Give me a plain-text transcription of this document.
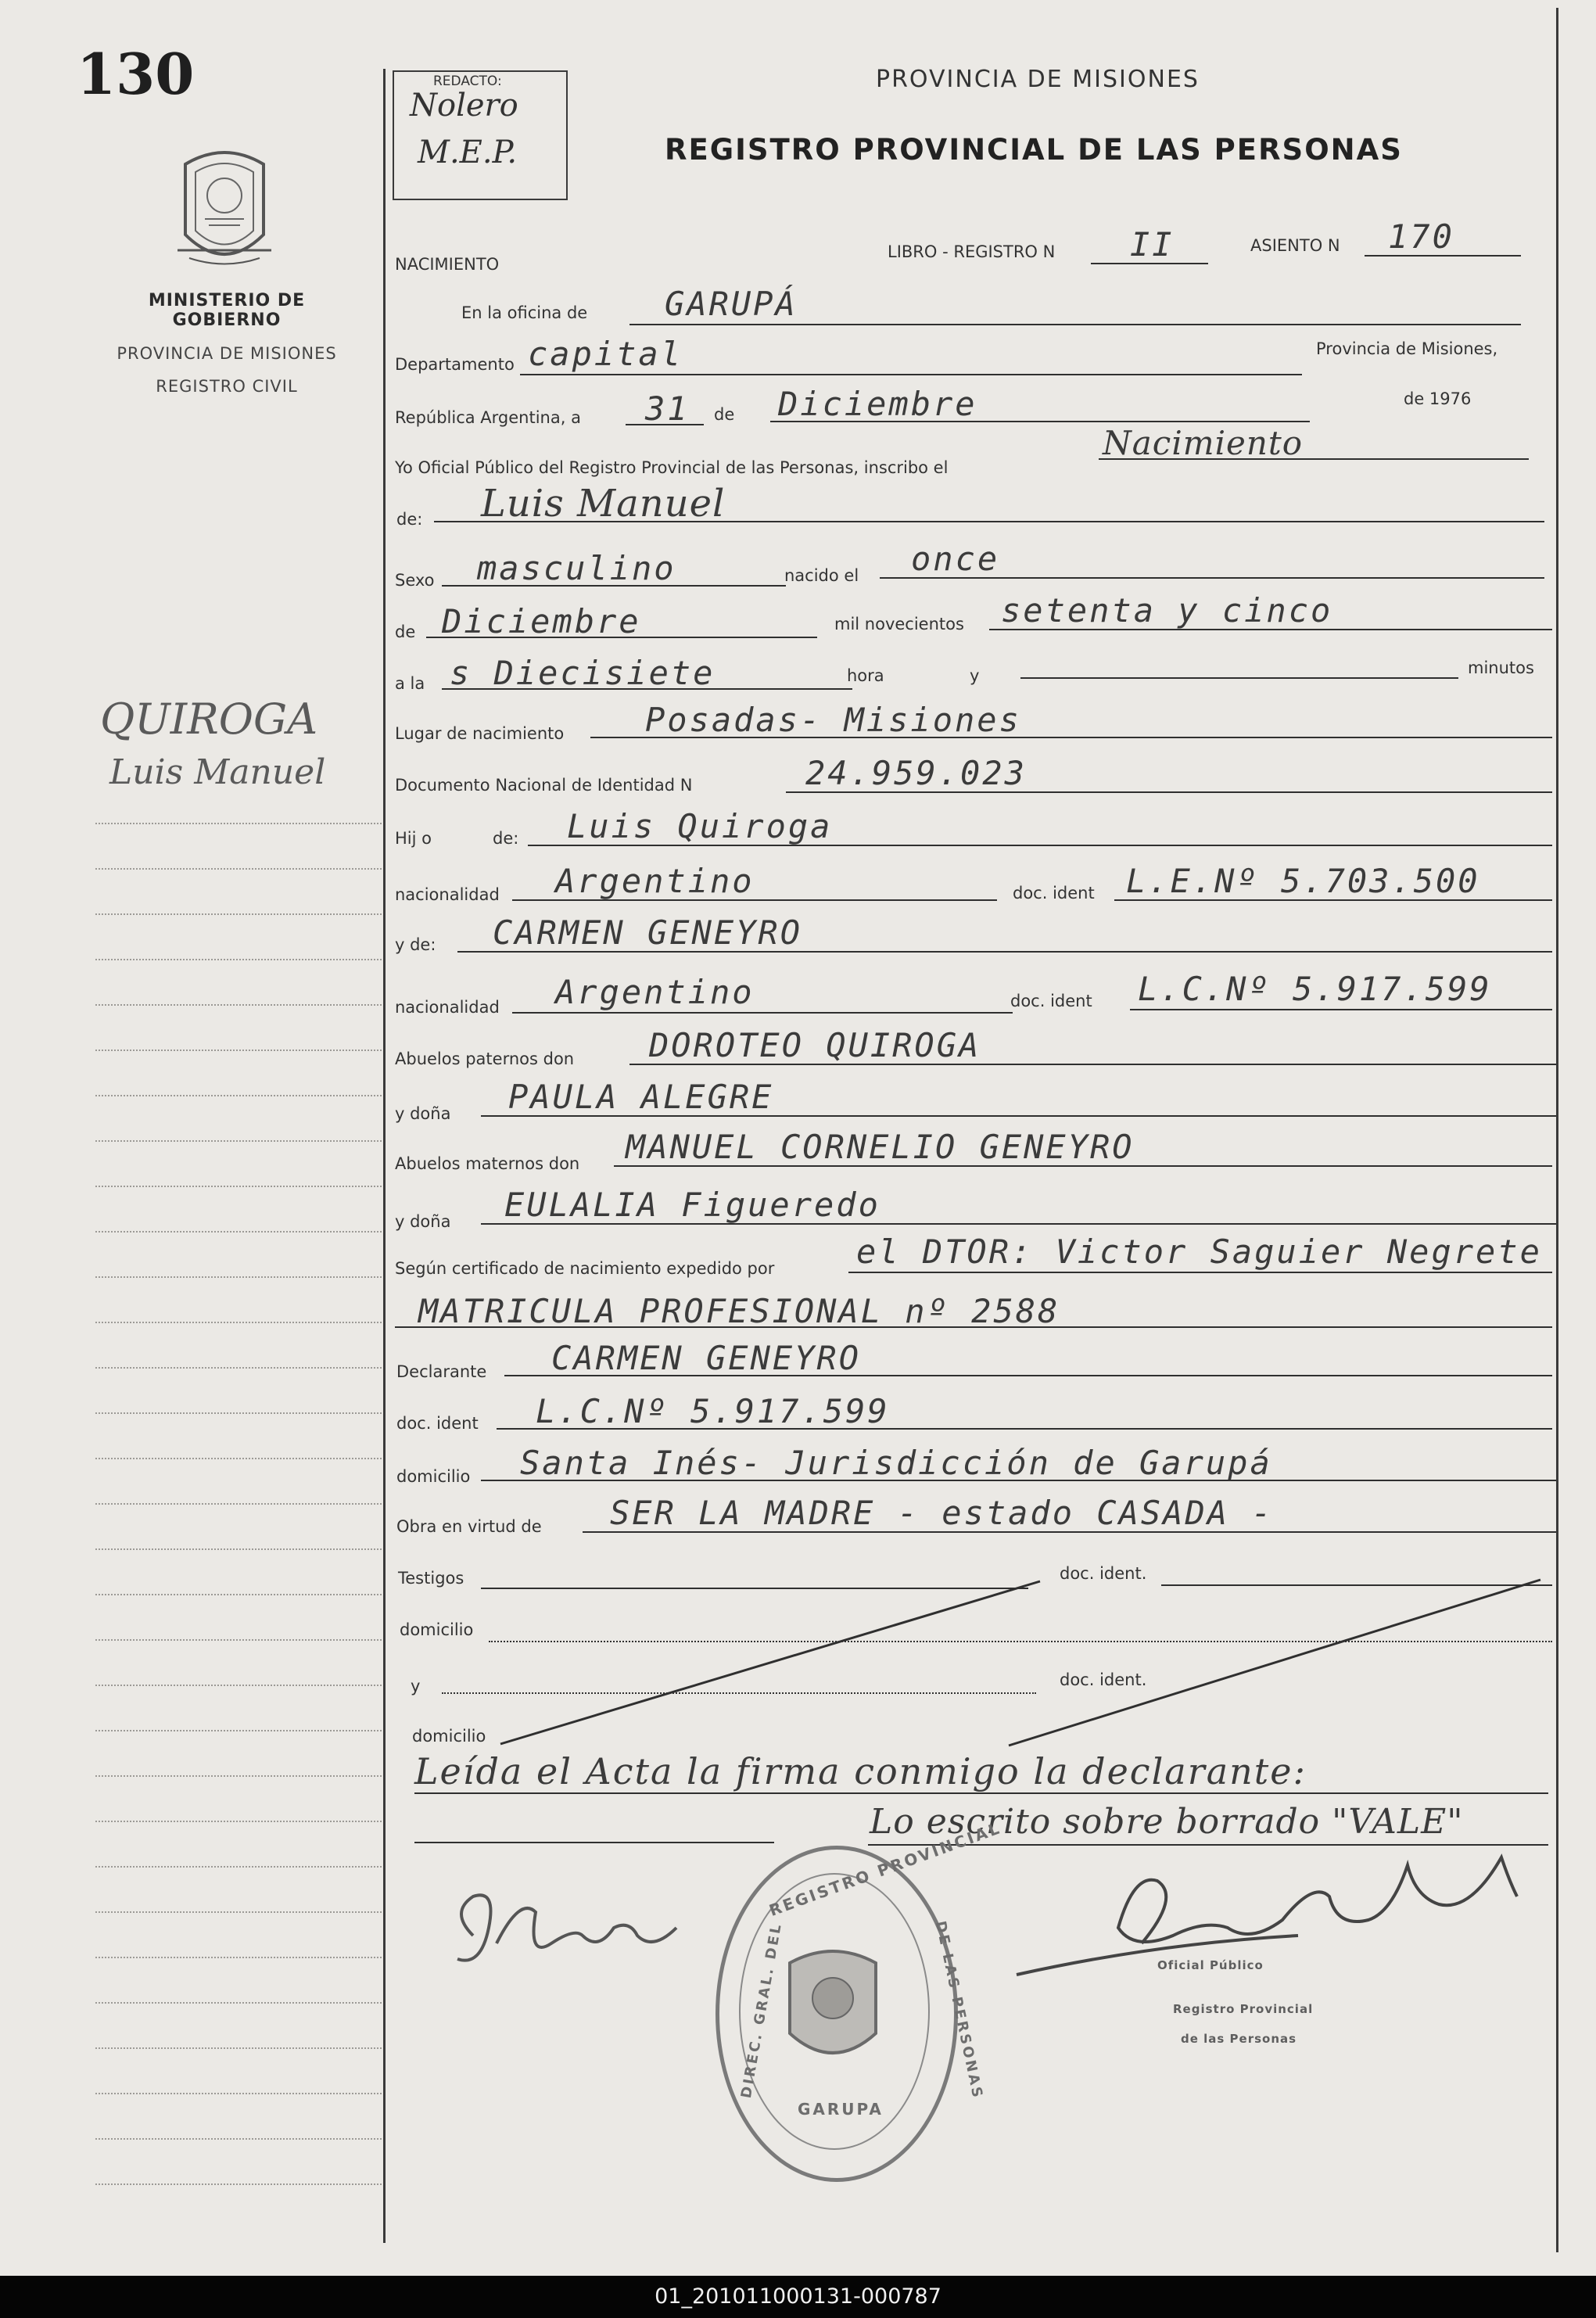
130
MINISTERIO DE GOBIERNO
PROVINCIA DE MISIONES
REGISTRO CIVIL
QUIROGA
Luis Manuel
REDACTO:
Nolero
M.E.P.
PROVINCIA DE MISIONES
REGISTRO PROVINCIAL DE LAS PERSONAS
NACIMIENTO
LIBRO - REGISTRO N II	ASIENTO N 170
En la oficina de GARUPÁ
Departamento capital	Provincia de Misiones,
República Argentina, a 31 de Diciembre	de 1976
Yo Oficial Público del Registro Provincial de las Personas, inscribo el
Nacimiento
de: Luis Manuel
Sexo masculino	nacido el once
de Diciembre	mil novecientos setenta y cinco
a la s Diecisiete	hora	y	minutos
Lugar de nacimiento Posadas- Misiones
Documento Nacional de Identidad N	24.959.023
Hij o	de: Luis Quiroga
nacionalidad Argentino	doc. ident L.E.Nº 5.703.500
y de: CARMEN GENEYRO
nacionalidad Argentino	doc. ident L.C.Nº 5.917.599
Abuelos paternos don DOROTEO QUIROGA
y doña PAULA ALEGRE
Abuelos maternos don MANUEL CORNELIO GENEYRO
y doña EULALIA Figueredo
Según certificado de nacimiento expedido por el DTOR: Victor Saguier Negrete
MATRICULA PROFESIONAL nº 2588
Declarante CARMEN GENEYRO
doc. ident L.C.Nº 5.917.599
domicilio Santa Inés- Jurisdicción de Garupá
Obra en virtud de SER LA MADRE - estado CASADA -
Testigos	doc. ident.
domicilio
y	doc. ident.
domicilio
Leída el Acta la firma conmigo la declarante:
Lo escrito sobre borrado "VALE"
REGISTRO PROVINCIAL
DIREC. GRAL. DEL	DE LAS PERSONAS
GARUPA
Oficial Público
Registro Provincial
de las Personas
01_201011000131-000787
